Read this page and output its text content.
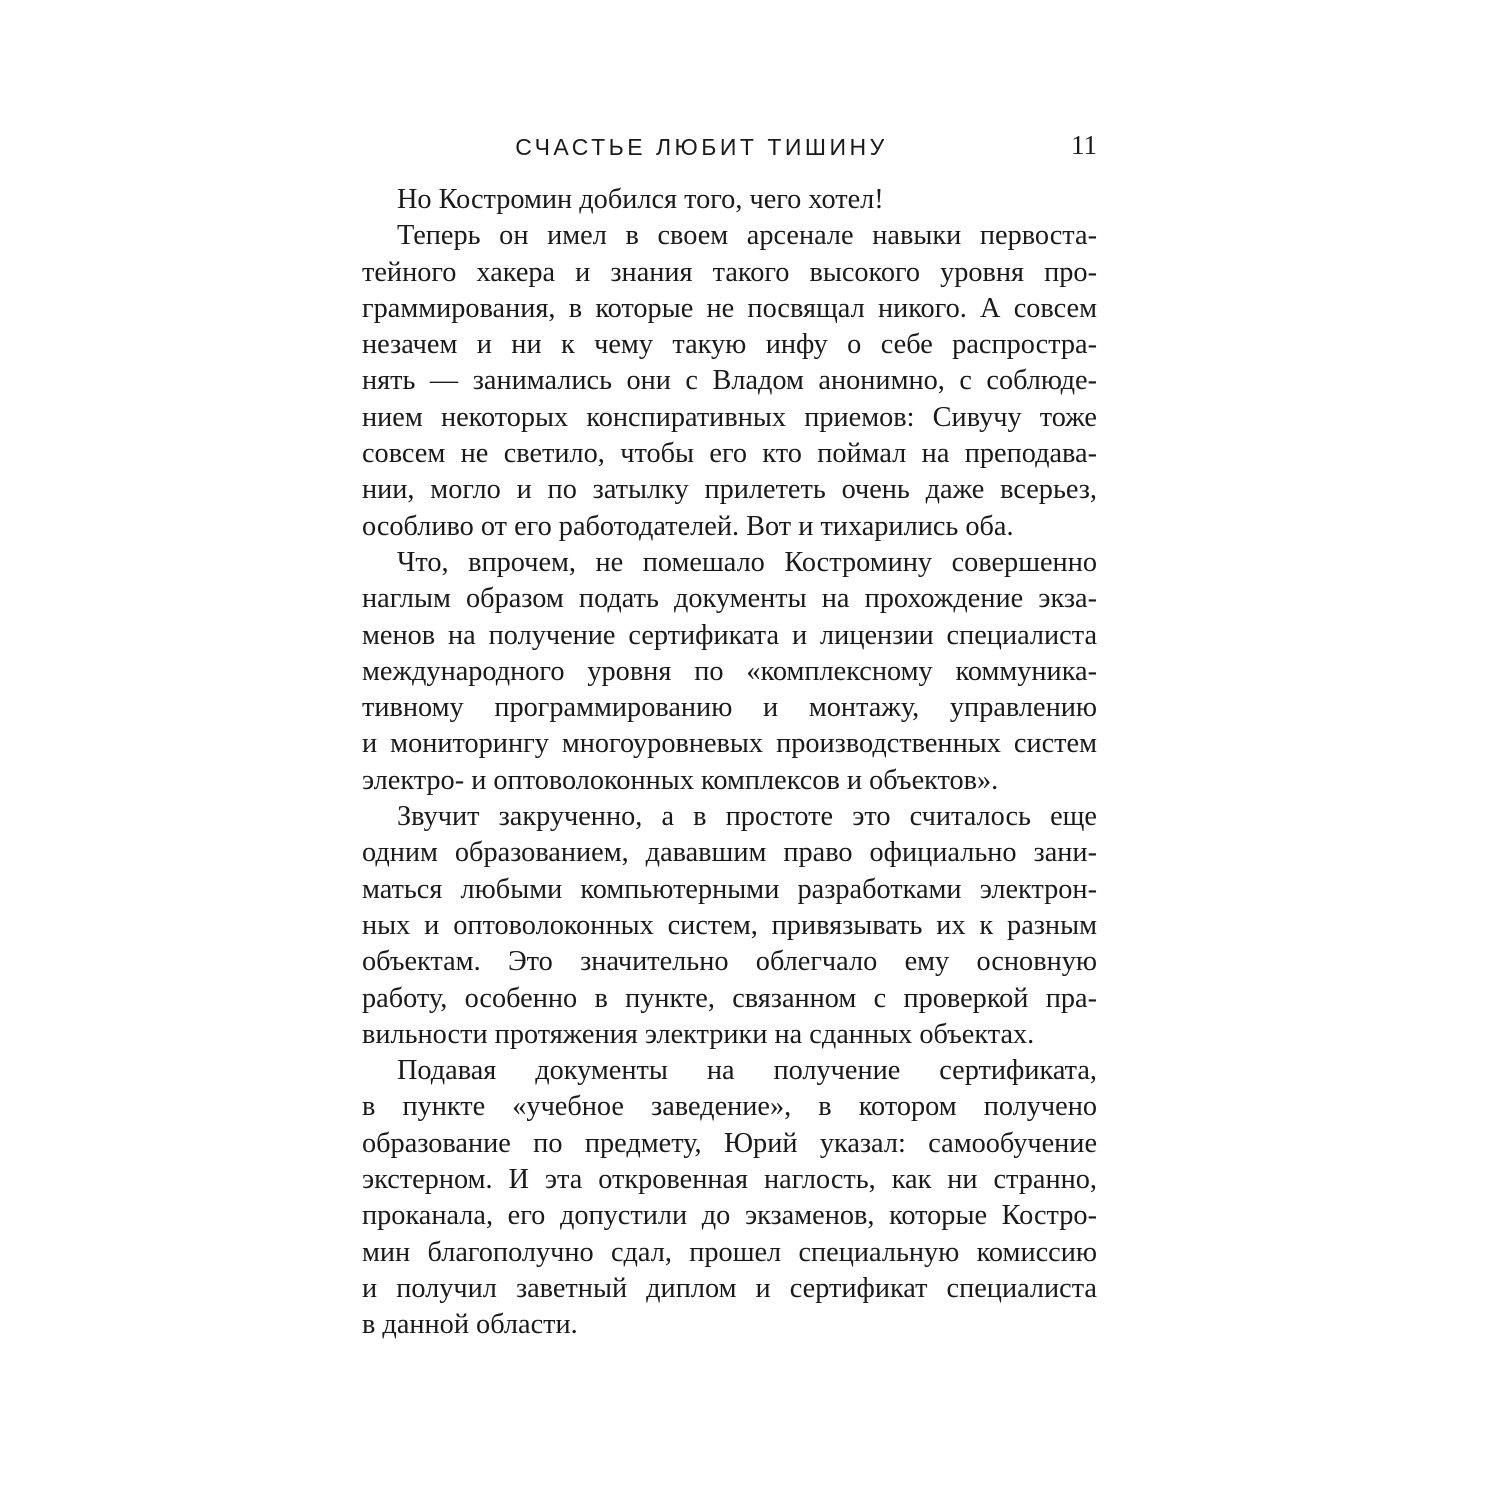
СЧАСТЬЕ ЛЮБИТ ТИШИНУ	11
Но Костромин добился того, чего хотел!
Теперь он имел в своем арсенале навыки первоста-
тейного хакера и знания такого высокого уровня про-
граммирования, в которые не посвящал никого. А совсем
незачем и ни к чему такую инфу о себе распростра-
нять — занимались они с Владом анонимно, с соблюде-
нием некоторых конспиративных приемов: Сивучу тоже
совсем не светило, чтобы его кто поймал на преподава-
нии, могло и по затылку прилететь очень даже всерьез,
особливо от его работодателей. Вот и тихарились оба.
Что, впрочем, не помешало Костромину совершенно
наглым образом подать документы на прохождение экза-
менов на получение сертификата и лицензии специалиста
международного уровня по «комплексному коммуника-
тивному программированию и монтажу, управлению
и мониторингу многоуровневых производственных систем
электро- и оптоволоконных комплексов и объектов».
Звучит закрученно, а в простоте это считалось еще
одним образованием, дававшим право официально зани-
маться любыми компьютерными разработками электрон-
ных и оптоволоконных систем, привязывать их к разным
объектам. Это значительно облегчало ему основную
работу, особенно в пункте, связанном с проверкой пра-
вильности протяжения электрики на сданных объектах.
Подавая документы на получение сертификата,
в пункте «учебное заведение», в котором получено
образование по предмету, Юрий указал: самообучение
экстерном. И эта откровенная наглость, как ни странно,
проканала, его допустили до экзаменов, которые Костро-
мин благополучно сдал, прошел специальную комиссию
и получил заветный диплом и сертификат специалиста
в данной области.
